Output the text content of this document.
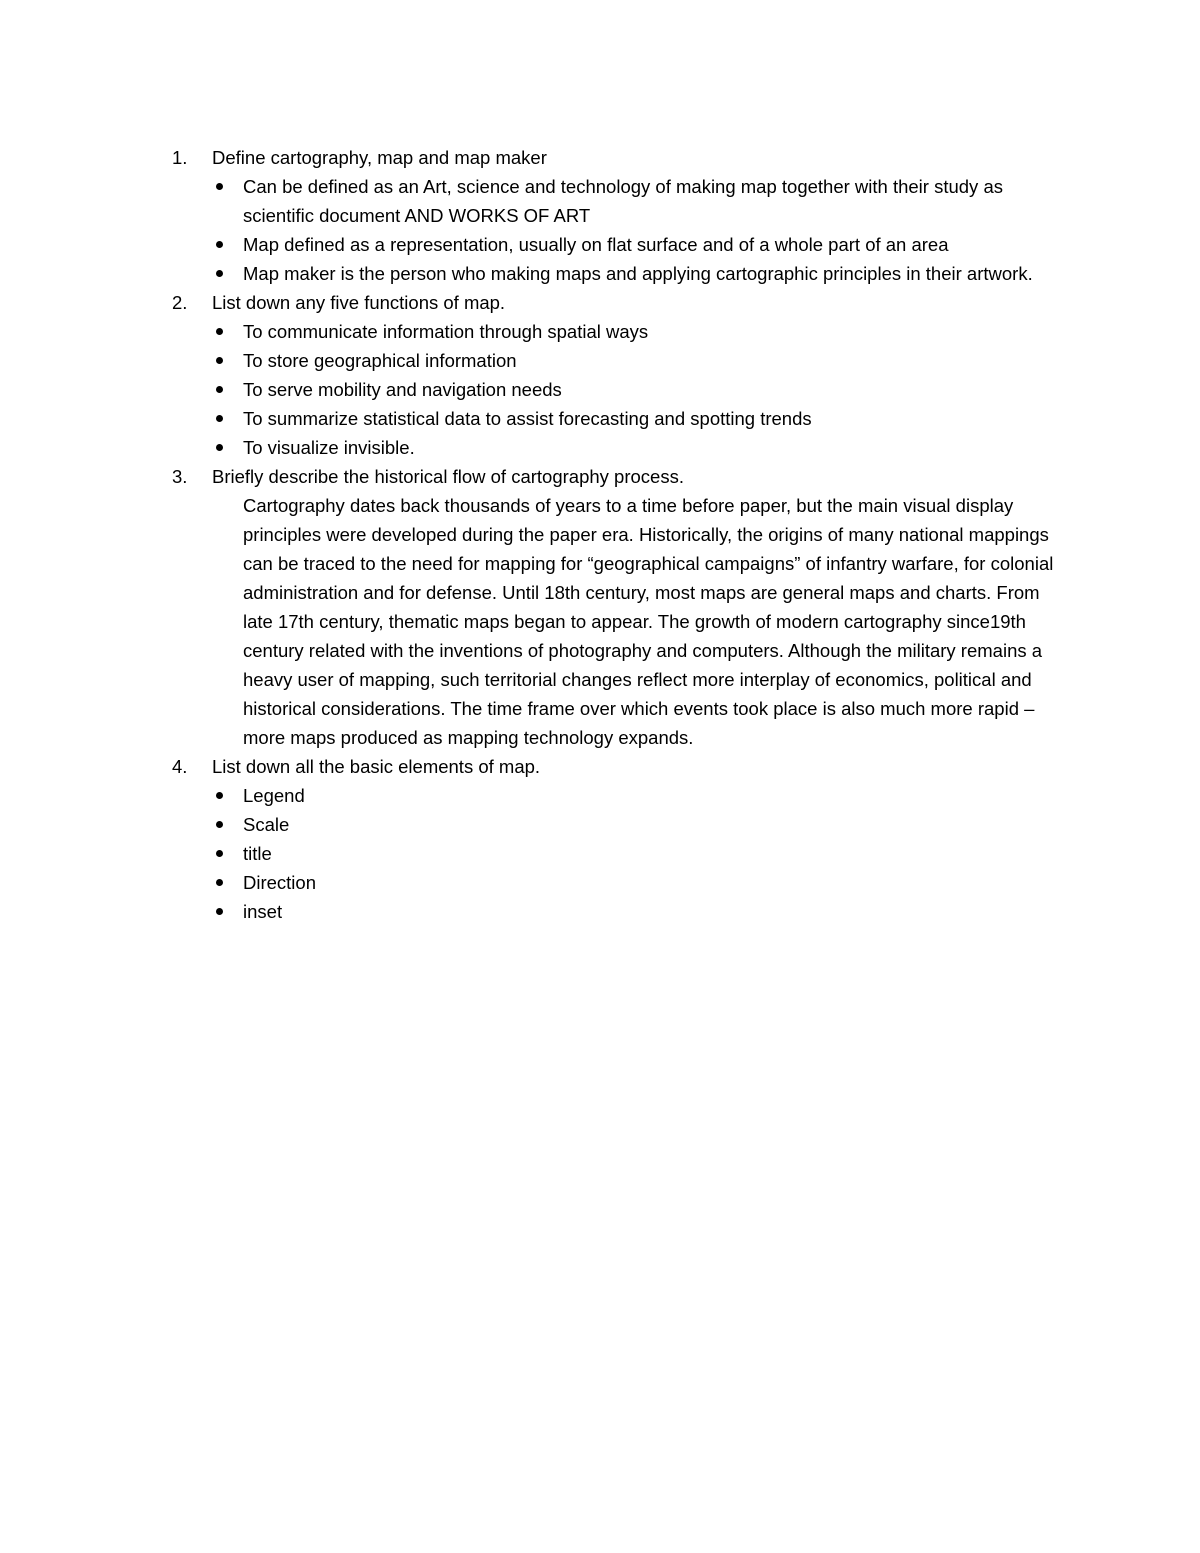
1.	Define cartography, map and map maker
Can be defined as an Art, science and technology of making map together with their study as scientific document AND WORKS OF ART
Map defined as a representation, usually on flat surface and of a whole part of an area
Map maker is the person who making maps and applying cartographic principles in their artwork.
2.	List down any five functions of map.
To communicate information through spatial ways
To store geographical information
To serve mobility and navigation needs
To summarize statistical data to assist forecasting and spotting trends
To visualize invisible.
3.	Briefly describe the historical flow of cartography process.
Cartography dates back thousands of years to a time before paper, but the main visual display principles were developed during the paper era. Historically, the origins of many national mappings can be traced to the need for mapping for “geographical campaigns” of infantry warfare, for colonial administration and for defense. Until 18th century, most maps are general maps and charts. From late 17th century, thematic maps began to appear. The growth of modern cartography since19th century related with the inventions of photography and computers. Although the military remains a heavy user of mapping, such territorial changes reflect more interplay of economics, political and historical considerations. The time frame over which events took place is also much more rapid – more maps produced as mapping technology expands.
4.	List down all the basic elements of map.
Legend
Scale
title
Direction
inset
